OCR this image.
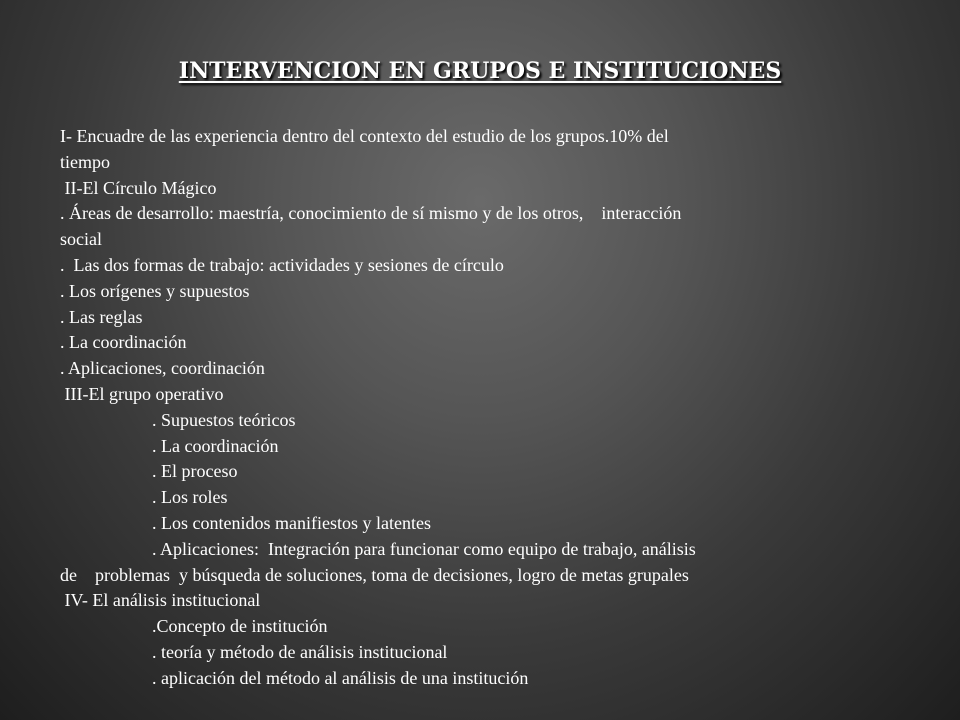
INTERVENCION EN GRUPOS E INSTITUCIONES
I- Encuadre de las experiencia dentro del contexto del estudio de los grupos.10% del
tiempo
II-El Círculo Mágico
. Áreas de desarrollo: maestría, conocimiento de sí mismo y de los otros,    interacción
social
.  Las dos formas de trabajo: actividades y sesiones de círculo
. Los orígenes y supuestos
. Las reglas
. La coordinación
. Aplicaciones, coordinación
III-El grupo operativo
. Supuestos teóricos
. La coordinación
. El proceso
. Los roles
. Los contenidos manifiestos y latentes
. Aplicaciones:  Integración para funcionar como equipo de trabajo, análisis
de    problemas  y búsqueda de soluciones, toma de decisiones, logro de metas grupales
IV- El análisis institucional
.Concepto de institución
. teoría y método de análisis institucional
. aplicación del método al análisis de una institución
